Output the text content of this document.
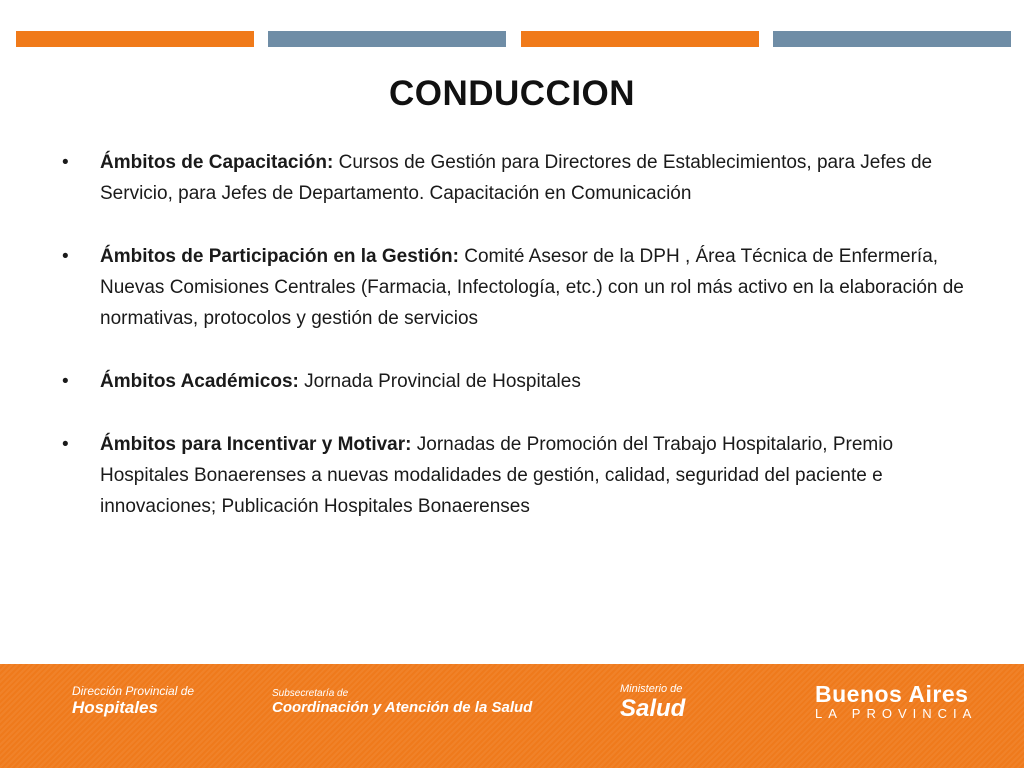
CONDUCCION
• Ámbitos de Capacitación: Cursos de Gestión para Directores de Establecimientos, para Jefes de Servicio, para Jefes de Departamento. Capacitación en Comunicación
• Ámbitos de Participación en la Gestión: Comité Asesor de la DPH , Área Técnica de Enfermería, Nuevas Comisiones Centrales (Farmacia, Infectología, etc.) con un rol más activo en la elaboración de normativas, protocolos y gestión de servicios
• Ámbitos Académicos: Jornada Provincial de Hospitales
• Ámbitos para Incentivar y Motivar: Jornadas de Promoción del Trabajo Hospitalario, Premio Hospitales Bonaerenses a nuevas modalidades de gestión, calidad, seguridad del paciente e innovaciones; Publicación Hospitales Bonaerenses
Dirección Provincial de
Hospitales
Subsecretaría de
Coordinación y Atención de la Salud
Ministerio de
Salud
Buenos Aires
LA PROVINCIA
